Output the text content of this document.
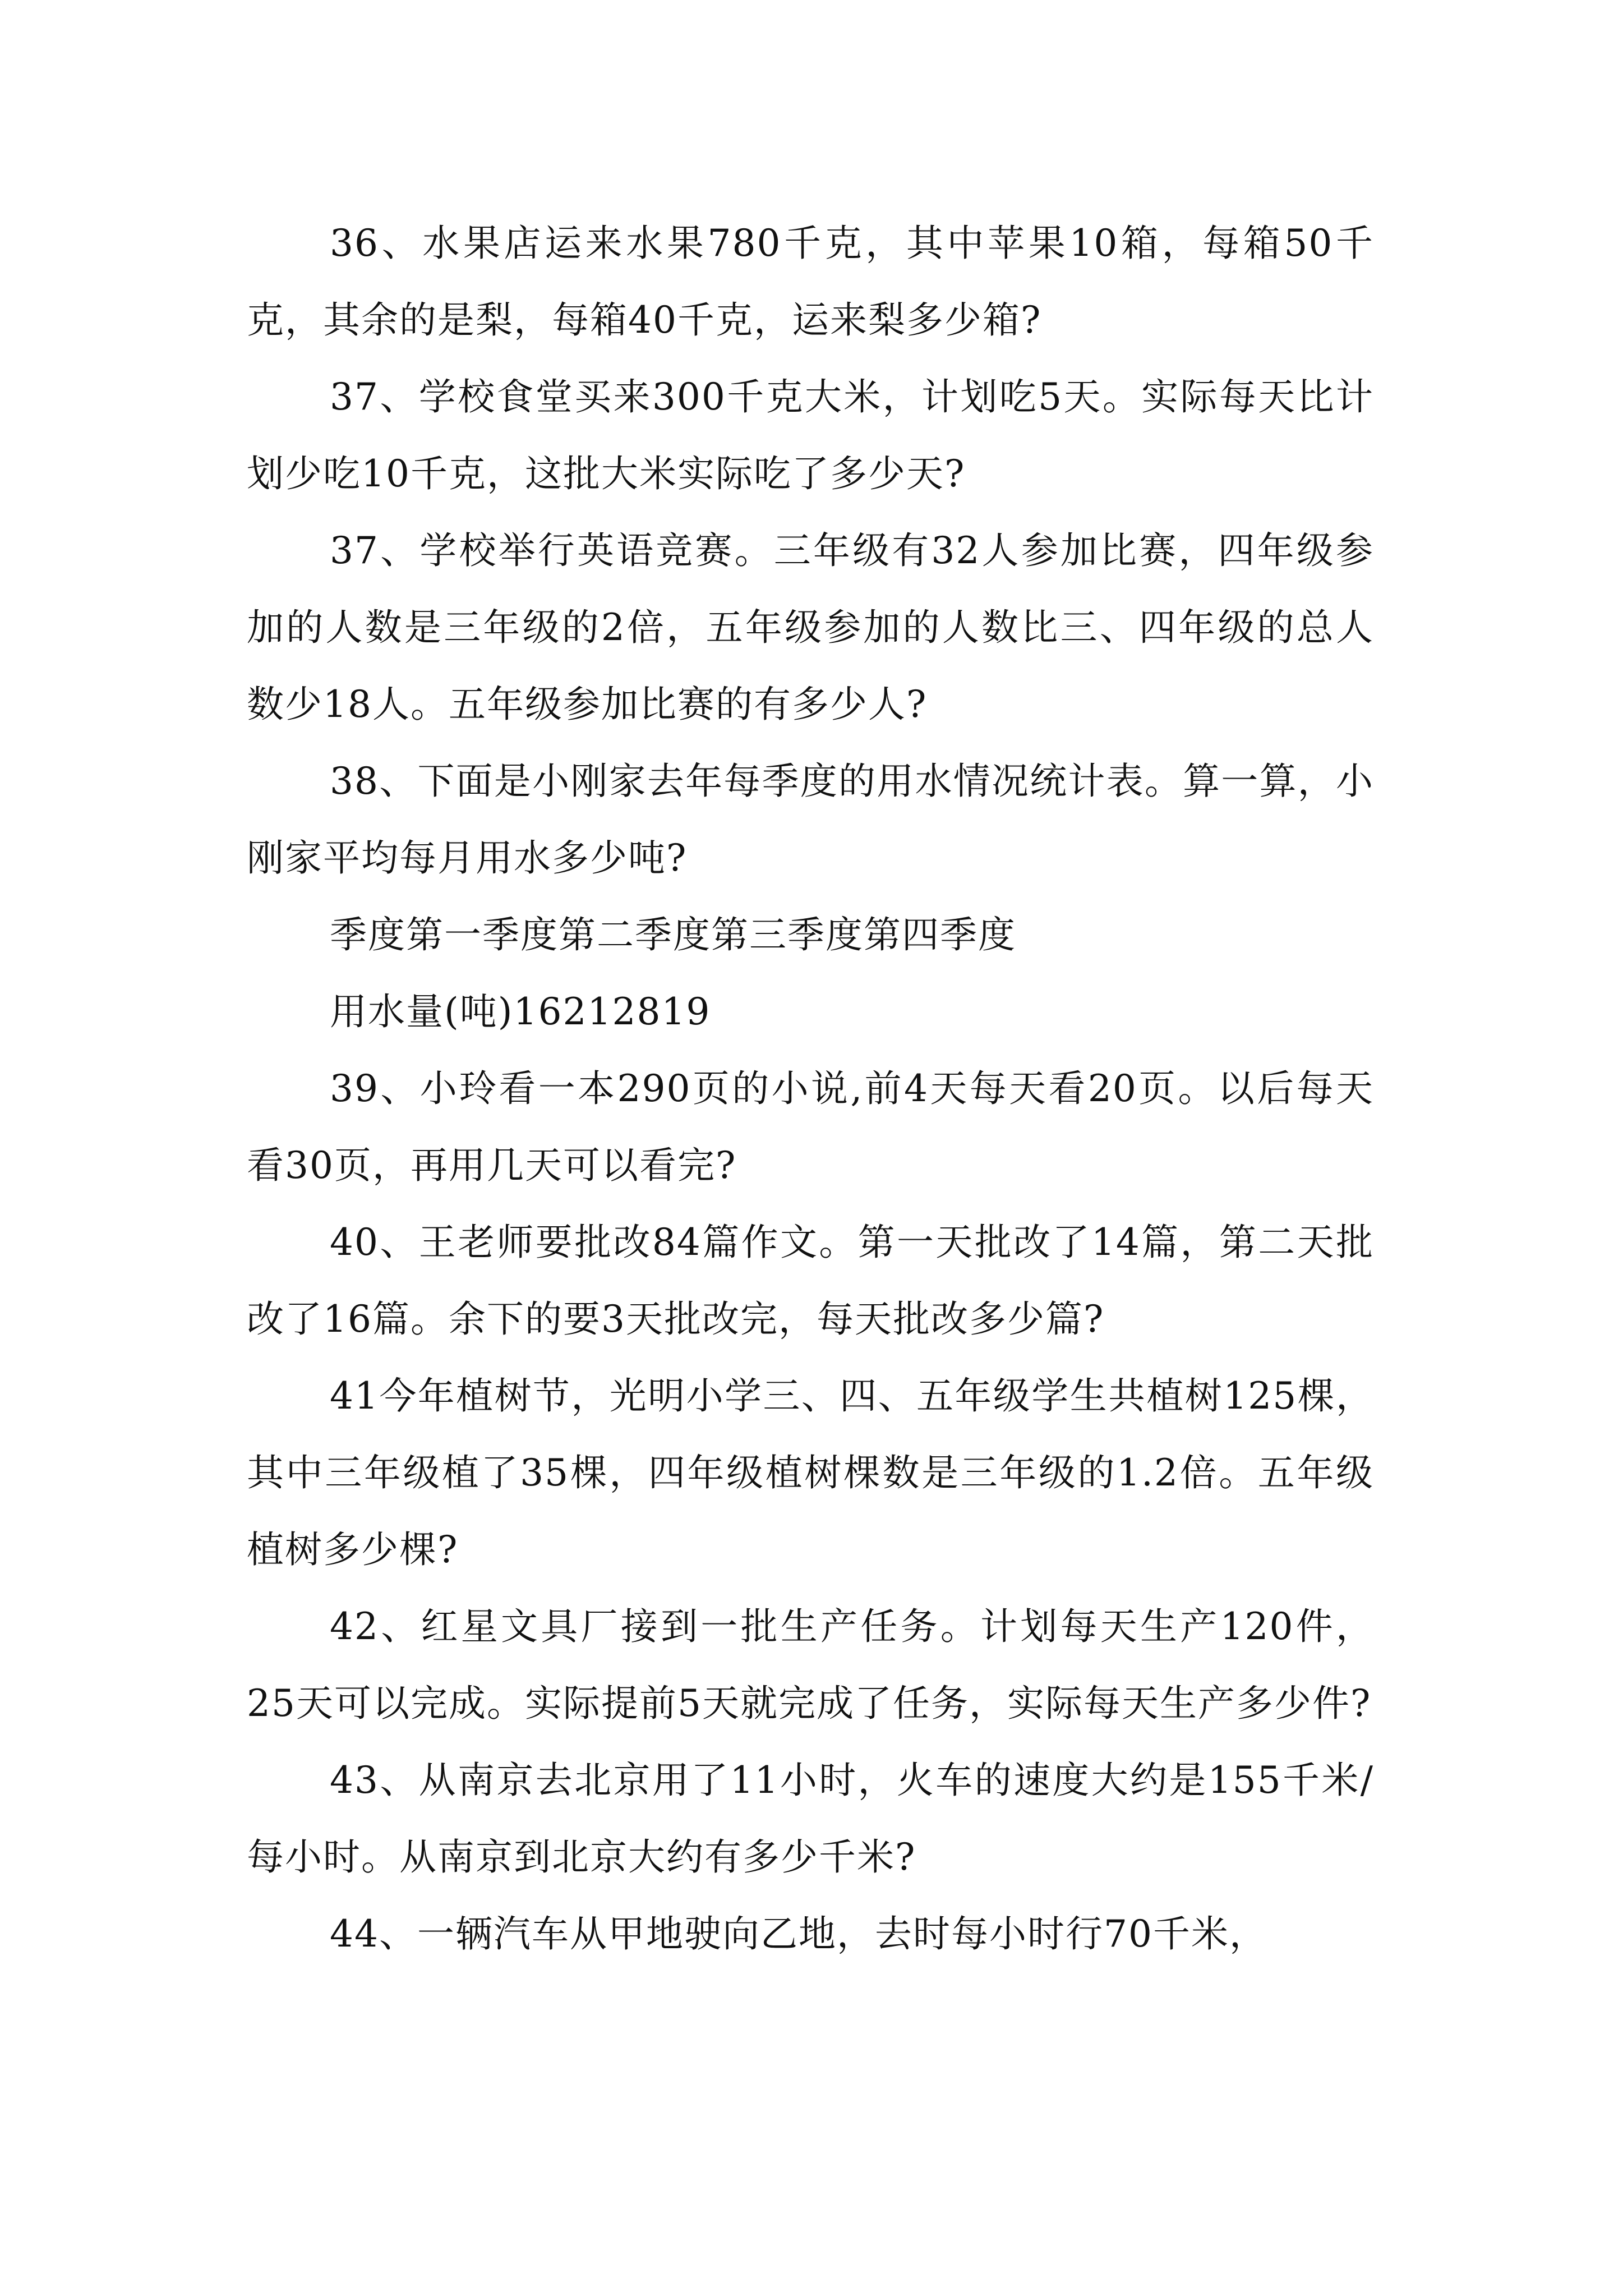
36、水果店运来水果780千克，其中苹果10箱，每箱50千克，其余的是梨，每箱40千克，运来梨多少箱?

37、学校食堂买来300千克大米，计划吃5天。实际每天比计划少吃10千克，这批大米实际吃了多少天?

37、学校举行英语竞赛。三年级有32人参加比赛，四年级参加的人数是三年级的2倍，五年级参加的人数比三、四年级的总人数少18人。五年级参加比赛的有多少人?

38、下面是小刚家去年每季度的用水情况统计表。算一算，小刚家平均每月用水多少吨?

季度第一季度第二季度第三季度第四季度
用水量(吨)16212819

39、小玲看一本290页的小说,前4天每天看20页。以后每天看30页，再用几天可以看完?

40、王老师要批改84篇作文。第一天批改了14篇，第二天批改了16篇。余下的要3天批改完，每天批改多少篇?

41今年植树节，光明小学三、四、五年级学生共植树125棵，其中三年级植了35棵，四年级植树棵数是三年级的1.2倍。五年级植树多少棵?

42、红星文具厂接到一批生产任务。计划每天生产120件，25天可以完成。实际提前5天就完成了任务，实际每天生产多少件?

43、从南京去北京用了11小时，火车的速度大约是155千米/每小时。从南京到北京大约有多少千米?

44、一辆汽车从甲地驶向乙地，去时每小时行70千米，
